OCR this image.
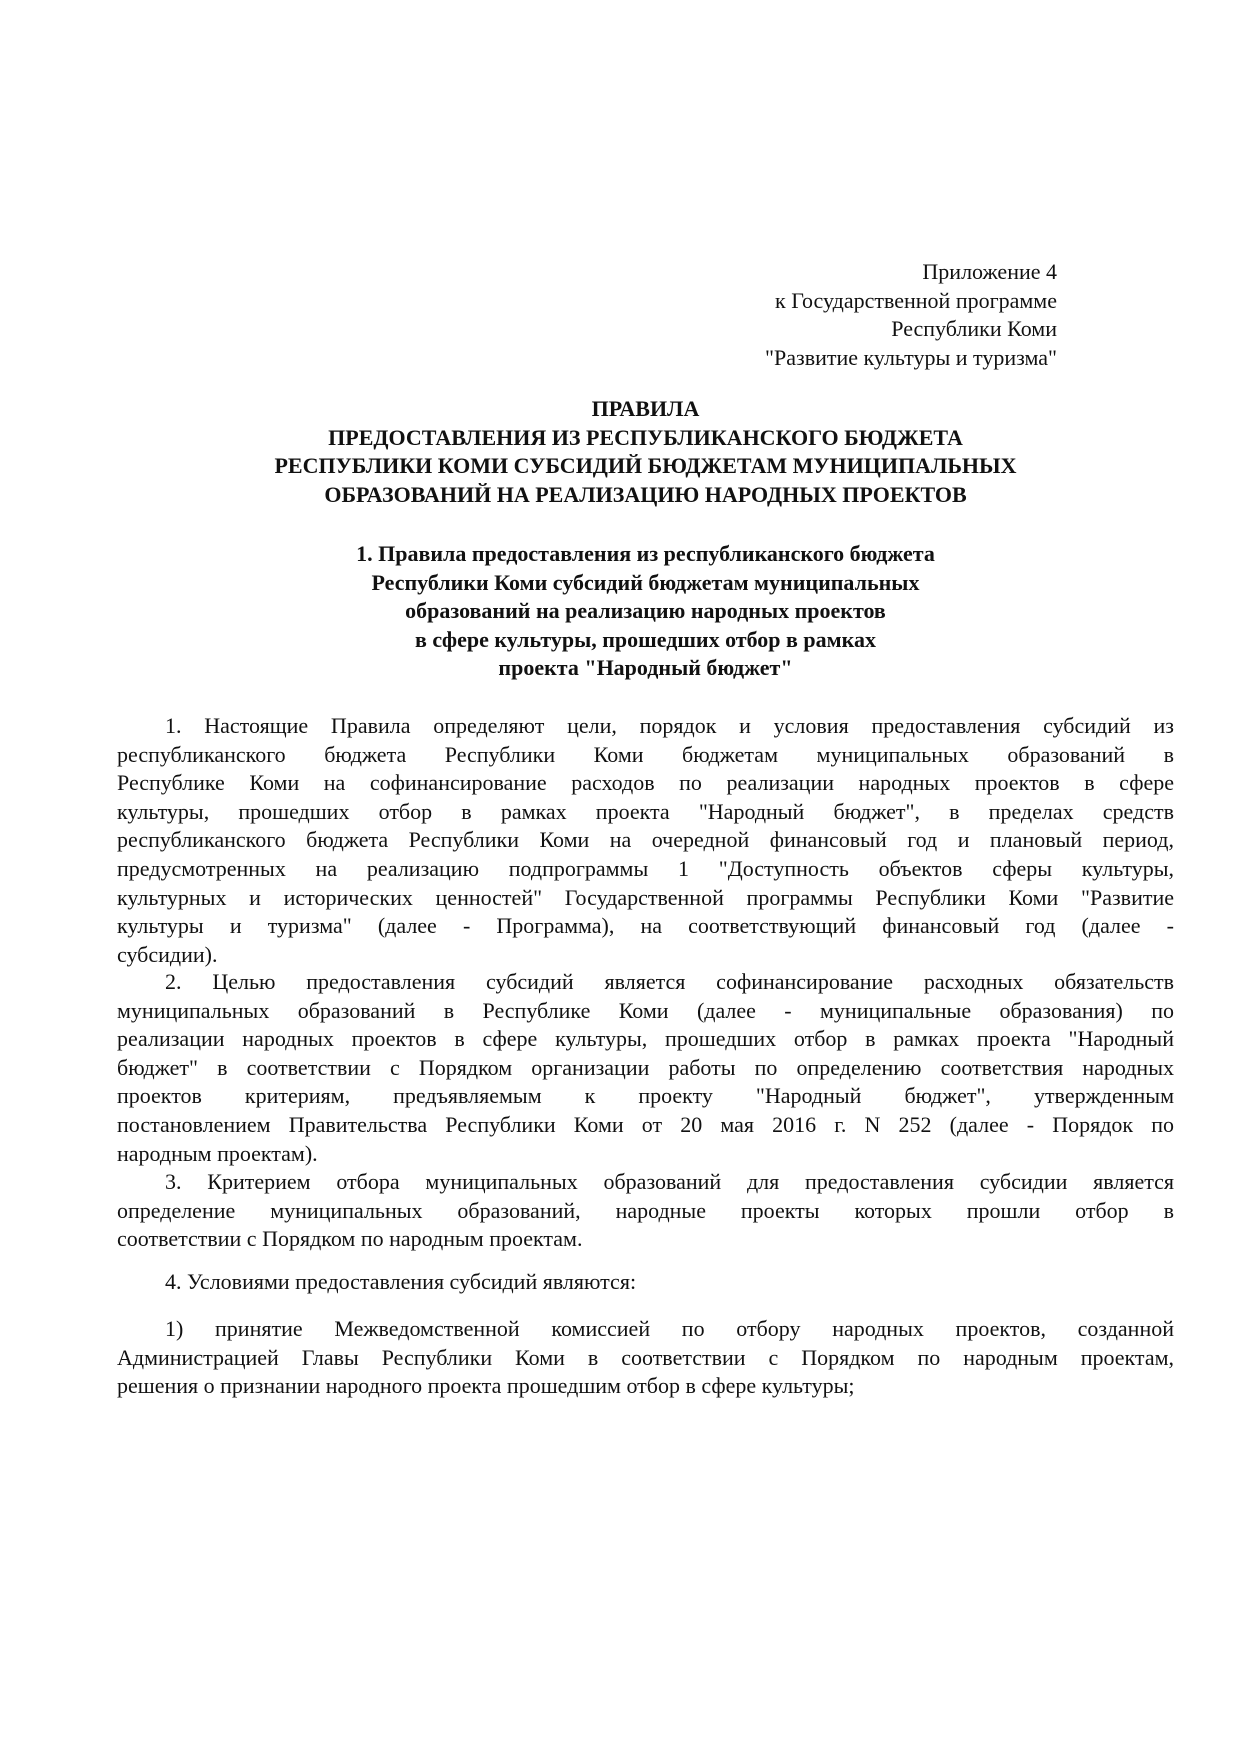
Приложение 4
к Государственной программе
Республики Коми
"Развитие культуры и туризма"
ПРАВИЛА
ПРЕДОСТАВЛЕНИЯ ИЗ РЕСПУБЛИКАНСКОГО БЮДЖЕТА
РЕСПУБЛИКИ КОМИ СУБСИДИЙ БЮДЖЕТАМ МУНИЦИПАЛЬНЫХ
ОБРАЗОВАНИЙ НА РЕАЛИЗАЦИЮ НАРОДНЫХ ПРОЕКТОВ
1. Правила предоставления из республиканского бюджета
Республики Коми субсидий бюджетам муниципальных
образований на реализацию народных проектов
в сфере культуры, прошедших отбор в рамках
проекта "Народный бюджет"
1. Настоящие Правила определяют цели, порядок и условия предоставления субсидий из
республиканского бюджета Республики Коми бюджетам муниципальных образований в
Республике Коми на софинансирование расходов по реализации народных проектов в сфере
культуры, прошедших отбор в рамках проекта "Народный бюджет", в пределах средств
республиканского бюджета Республики Коми на очередной финансовый год и плановый период,
предусмотренных на реализацию подпрограммы 1 "Доступность объектов сферы культуры,
культурных и исторических ценностей" Государственной программы Республики Коми "Развитие
культуры и туризма" (далее - Программа), на соответствующий финансовый год (далее -
субсидии).
2. Целью предоставления субсидий является софинансирование расходных обязательств
муниципальных образований в Республике Коми (далее - муниципальные образования) по
реализации народных проектов в сфере культуры, прошедших отбор в рамках проекта "Народный
бюджет" в соответствии с Порядком организации работы по определению соответствия народных
проектов критериям, предъявляемым к проекту "Народный бюджет", утвержденным
постановлением Правительства Республики Коми от 20 мая 2016 г. N 252 (далее - Порядок по
народным проектам).
3. Критерием отбора муниципальных образований для предоставления субсидии является
определение муниципальных образований, народные проекты которых прошли отбор в
соответствии с Порядком по народным проектам.
4. Условиями предоставления субсидий являются:
1) принятие Межведомственной комиссией по отбору народных проектов, созданной
Администрацией Главы Республики Коми в соответствии с Порядком по народным проектам,
решения о признании народного проекта прошедшим отбор в сфере культуры;
